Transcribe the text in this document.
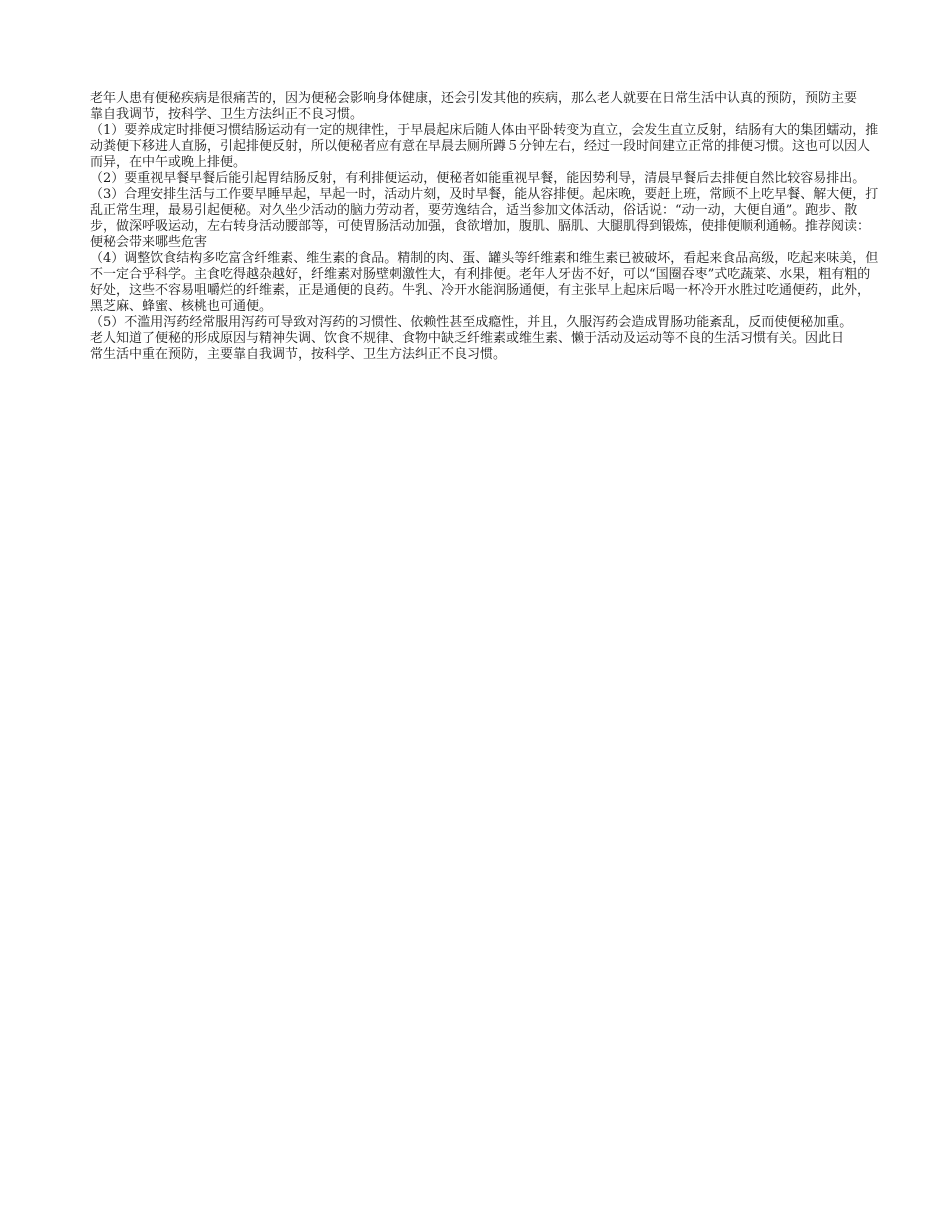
老年人患有便秘疾病是很痛苦的，因为便秘会影响身体健康，还会引发其他的疾病，那么老人就要在日常生活中认真的预防，预防主要靠自我调节，按科学、卫生方法纠正不良习惯。

（1）要养成定时排便习惯结肠运动有一定的规律性，于早晨起床后随人体由平卧转变为直立，会发生直立反射，结肠有大的集团蠕动，推动粪便下移进人直肠，引起排便反射，所以便秘者应有意在早晨去厕所蹲５分钟左右，经过一段时间建立正常的排便习惯。这也可以因人而异，在中午或晚上排便。

（2）要重视早餐早餐后能引起胃结肠反射，有利排便运动，便秘者如能重视早餐，能因势利导，清晨早餐后去排便自然比较容易排出。

（3）合理安排生活与工作要早睡早起，早起一时，活动片刻，及时早餐，能从容排便。起床晚，要赶上班，常顾不上吃早餐、解大便，打乱正常生理，最易引起便秘。对久坐少活动的脑力劳动者，要劳逸结合，适当参加文体活动，俗话说：“动一动，大便自通”。跑步、散步，做深呼吸运动，左右转身活动腰部等，可使胃肠活动加强，食欲增加，腹肌、膈肌、大腿肌得到锻炼，使排便顺利通畅。推荐阅读：便秘会带来哪些危害

（4）调整饮食结构多吃富含纤维素、维生素的食品。精制的肉、蛋、罐头等纤维素和维生素已被破坏，看起来食品高级，吃起来味美，但不一定合乎科学。主食吃得越杂越好，纤维素对肠壁刺激性大，有利排便。老年人牙齿不好，可以“国圈吞枣”式吃蔬菜、水果，粗有粗的好处，这些不容易咀嚼烂的纤维素，正是通便的良药。牛乳、冷开水能润肠通便，有主张早上起床后喝一杯冷开水胜过吃通便药，此外，黑芝麻、蜂蜜、核桃也可通便。

（5）不滥用泻药经常服用泻药可导致对泻药的习惯性、依赖性甚至成瘾性，并且，久服泻药会造成胃肠功能紊乱，反而使便秘加重。

老人知道了便秘的形成原因与精神失调、饮食不规律、食物中缺乏纤维素或维生素、懒于活动及运动等不良的生活习惯有关。因此日常生活中重在预防，主要靠自我调节，按科学、卫生方法纠正不良习惯。
